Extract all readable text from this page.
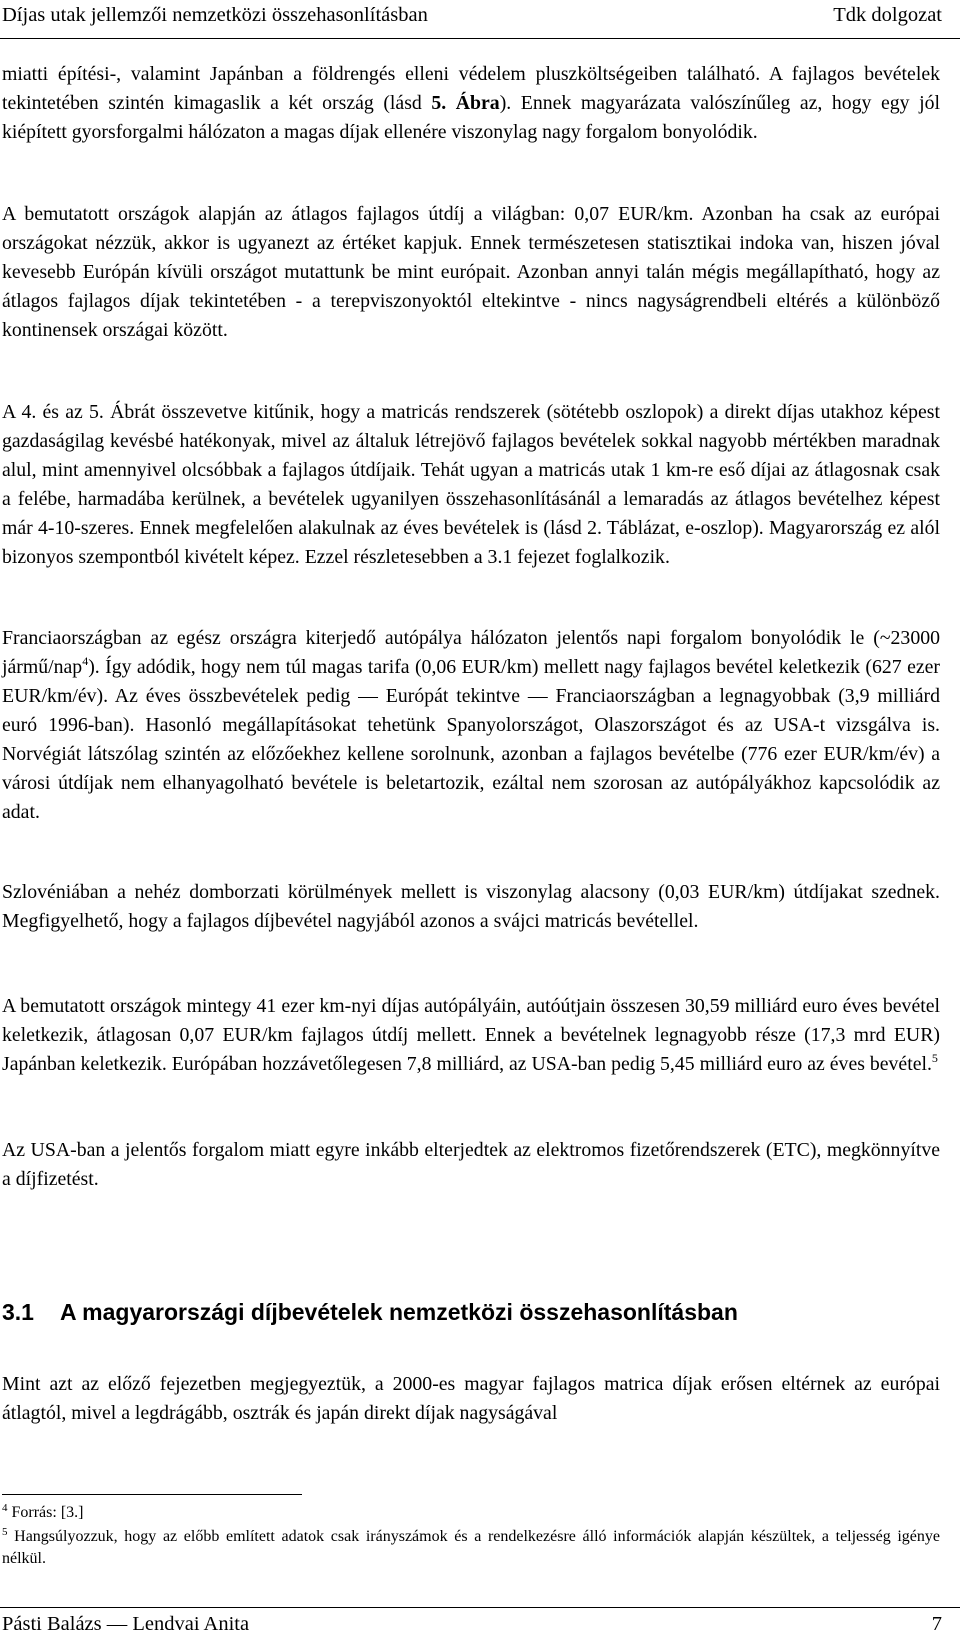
Díjas utak jellemzői nemzetközi összehasonlításban	Tdk dolgozat

miatti építési-, valamint Japánban a földrengés elleni védelem pluszköltségeiben található. A fajlagos bevételek tekintetében szintén kimagaslik a két ország (lásd 5. Ábra). Ennek magyarázata valószínűleg az, hogy egy jól kiépített gyorsforgalmi hálózaton a magas díjak ellenére viszonylag nagy forgalom bonyolódik.

A bemutatott országok alapján az átlagos fajlagos útdíj a világban: 0,07 EUR/km. Azonban ha csak az európai országokat nézzük, akkor is ugyanezt az értéket kapjuk. Ennek természetesen statisztikai indoka van, hiszen jóval kevesebb Európán kívüli országot mutattunk be mint európait. Azonban annyi talán mégis megállapítható, hogy az átlagos fajlagos díjak tekintetében - a terepviszonyoktól eltekintve - nincs nagyságrendbeli eltérés a különböző kontinensek országai között.

A 4. és az 5. Ábrát összevetve kitűnik, hogy a matricás rendszerek (sötétebb oszlopok) a direkt díjas utakhoz képest gazdaságilag kevésbé hatékonyak, mivel az általuk létrejövő fajlagos bevételek sokkal nagyobb mértékben maradnak alul, mint amennyivel olcsóbbak a fajlagos útdíjaik. Tehát ugyan a matricás utak 1 km-re eső díjai az átlagosnak csak a felébe, harmadába kerülnek, a bevételek ugyanilyen összehasonlításánál a lemaradás az átlagos bevételhez képest már 4-10-szeres. Ennek megfelelően alakulnak az éves bevételek is (lásd 2. Táblázat, e-oszlop). Magyarország ez alól bizonyos szempontból kivételt képez. Ezzel részletesebben a 3.1 fejezet foglalkozik.

Franciaországban az egész országra kiterjedő autópálya hálózaton jelentős napi forgalom bonyolódik le (~23000 jármű/nap$^4$). Így adódik, hogy nem túl magas tarifa (0,06 EUR/km) mellett nagy fajlagos bevétel keletkezik (627 ezer EUR/km/év). Az éves összbevételek pedig — Európát tekintve — Franciaországban a legnagyobbak (3,9 milliárd euró 1996-ban). Hasonló megállapításokat tehetünk Spanyolországot, Olaszországot és az USA-t vizsgálva is. Norvégiát látszólag szintén az előzőekhez kellene sorolnunk, azonban a fajlagos bevételbe (776 ezer EUR/km/év) a városi útdíjak nem elhanyagolható bevétele is beletartozik, ezáltal nem szorosan az autópályákhoz kapcsolódik az adat.

Szlovéniában a nehéz domborzati körülmények mellett is viszonylag alacsony (0,03 EUR/km) útdíjakat szednek. Megfigyelhető, hogy a fajlagos díjbevétel nagyjából azonos a svájci matricás bevétellel.

A bemutatott országok mintegy 41 ezer km-nyi díjas autópályáin, autóútjain összesen 30,59 milliárd euro éves bevétel keletkezik, átlagosan 0,07 EUR/km fajlagos útdíj mellett. Ennek a bevételnek legnagyobb része (17,3 mrd EUR) Japánban keletkezik. Európában hozzávetőlegesen 7,8 milliárd, az USA-ban pedig 5,45 milliárd euro az éves bevétel.$^5$

Az USA-ban a jelentős forgalom miatt egyre inkább elterjedtek az elektromos fizetőrendszerek (ETC), megkönnyítve a díjfizetést.

3.1 A magyarországi díjbevételek nemzetközi összehasonlításban

Mint azt az előző fejezetben megjegyeztük, a 2000-es magyar fajlagos matrica díjak erősen eltérnek az európai átlagtól, mivel a legdrágább, osztrák és japán direkt díjak nagyságával

$^4$ Forrás: [3.]

$^5$ Hangsúlyozzuk, hogy az előbb említett adatok csak irányszámok és a rendelkezésre álló információk alapján készültek, a teljesség igénye nélkül.

Pásti Balázs — Lendvai Anita	7
